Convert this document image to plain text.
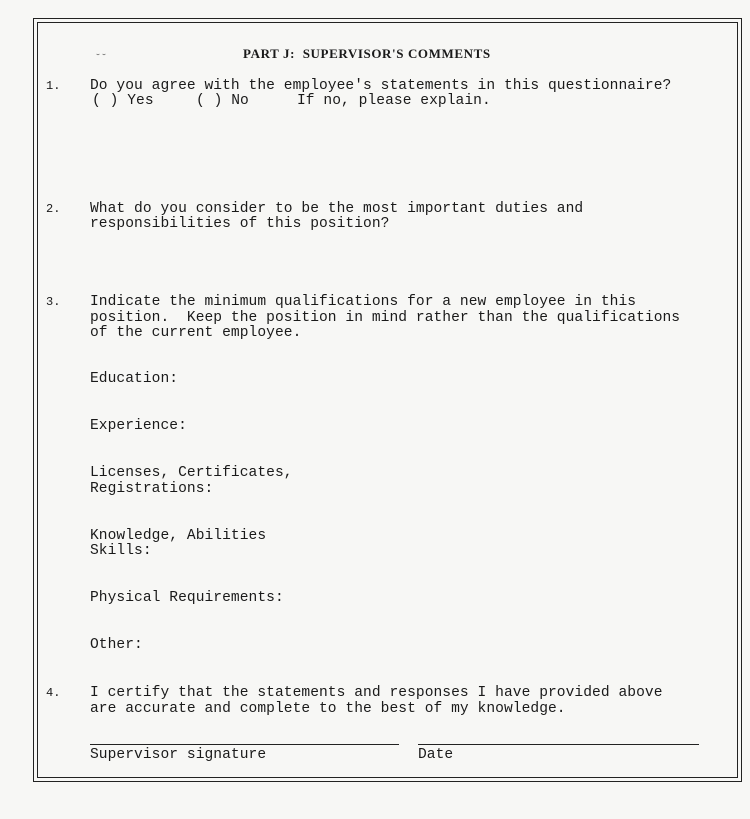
˘˘	PART J:  SUPERVISOR'S COMMENTS
1. Do you agree with the employee's statements in this questionnaire?
( ) Yes	( ) No	If no, please explain.
2. What do you consider to be the most important duties and
responsibilities of this position?
3. Indicate the minimum qualifications for a new employee in this
position.  Keep the position in mind rather than the qualifications
of the current employee.
Education:
Experience:
Licenses, Certificates,
Registrations:
Knowledge, Abilities
Skills:
Physical Requirements:
Other:
4. I certify that the statements and responses I have provided above
are accurate and complete to the best of my knowledge.
Supervisor signature	Date
